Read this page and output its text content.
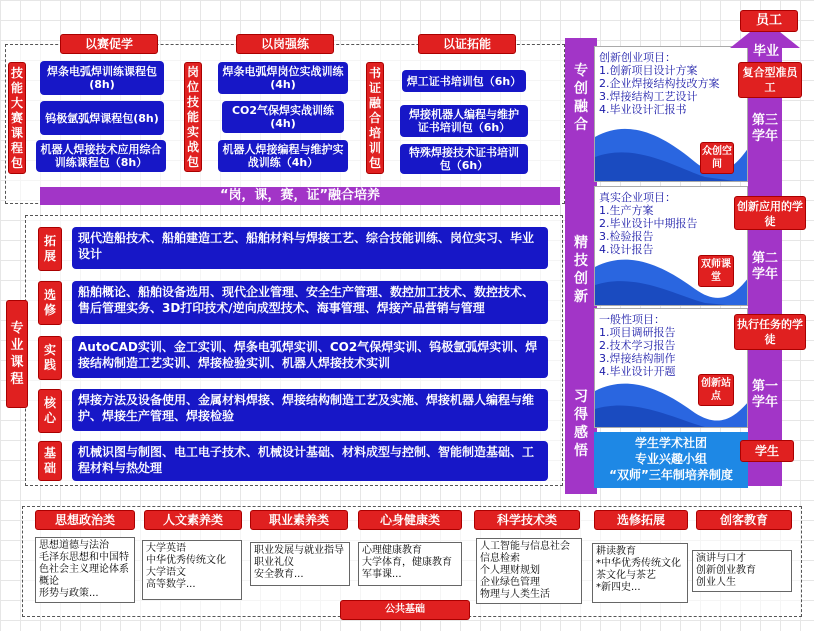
以赛促学
技能大赛课程包
焊条电弧焊训练课程包(8h)
钨极氩弧焊课程包(8h)
机器人焊接技术应用综合训练课程包（8h）
以岗强练
岗位技能实战包
焊条电弧焊岗位实战训练(4h)
CO2气保焊实战训练(4h)
机器人焊接编程与维护实战训练（4h）
以证拓能
书证融合培训包
焊工证书培训包（6h）
焊接机器人编程与维护证书培训包（6h）
特殊焊接技术证书培训包（6h）
“岗，课，赛，证”融合培养
专业课程
拓展
现代造船技术、船舶建造工艺、船舶材料与焊接工艺、综合技能训练、岗位实习、毕业设计
选修
船舶概论、船舶设备选用、现代企业管理、安全生产管理、数控加工技术、数控技术、售后管理实务、3D打印技术/逆向成型技术、海事管理、焊接产品营销与管理
实践
AutoCAD实训、金工实训、焊条电弧焊实训、CO2气保焊实训、钨极氩弧焊实训、焊接结构制造工艺实训、焊接检验实训、机器人焊接技术实训
核心
焊接方法及设备使用、金属材料焊接、焊接结构制造工艺及实施、焊接机器人编程与维护、焊接生产管理、焊接检验
基础
机械识图与制图、电工电子技术、机械设计基础、材料成型与控制、智能制造基础、工程材料与热处理
思想政治类
思想道德与法治
毛泽东思想和中国特色社会主义理论体系概论
形势与政策...
人文素养类
大学英语
中华优秀传统文化
大学语文
高等数学...
职业素养类
职业发展与就业指导
职业礼仪
安全教育...
心身健康类
心理健康教育
大学体育，健康教育
军事课...
科学技术类
人工智能与信息社会
信息检索
个人理财规划
企业绿色管理
物理与人类生活
选修拓展
耕读教育
*中华优秀传统文化
茶文化与茶艺
*新四史...
创客教育
演讲与口才
创新创业教育
创业人生
公共基础
专创融合
精技创新
习得感悟
创新创业项目：
1.创新项目设计方案
2.企业焊接结构技改方案
3.焊接结构工艺设计
4.毕业设计汇报书
众创空间
真实企业项目：
1.生产方案
2.毕业设计中期报告
3.检验报告
4.设计报告
双师课堂
一般性项目：
1.项目调研报告
2.技术学习报告
3.焊接结构制作
4.毕业设计开题
创新站点
学生学术社团
专业兴趣小组
“双师”三年制培养制度
第三学年
第二学年
第一学年
员工
毕业
复合型准员工
创新应用的学徒
执行任务的学徒
学生
